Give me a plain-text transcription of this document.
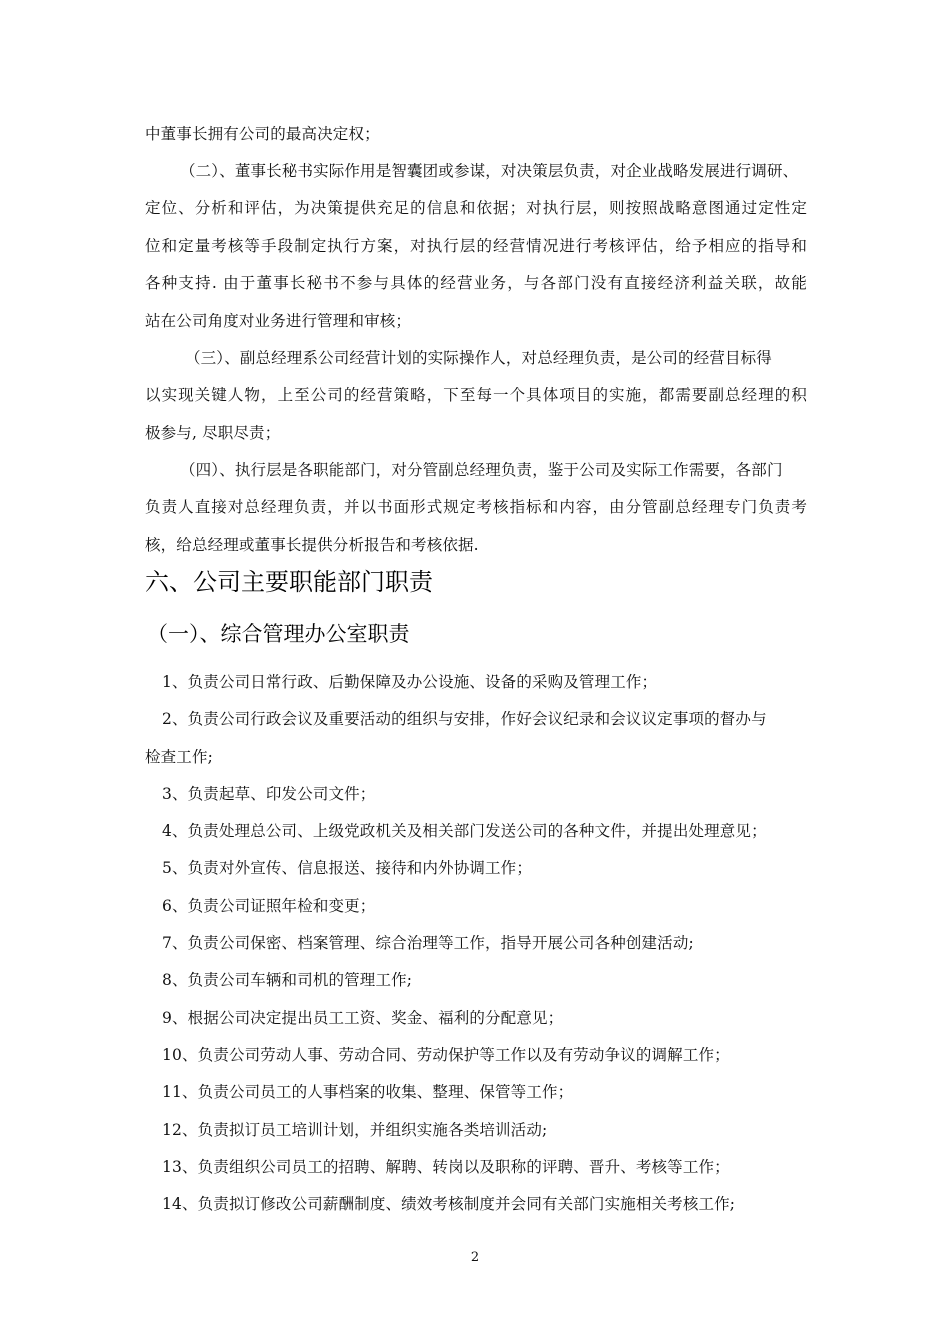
中董事长拥有公司的最高决定权；
（二）、董事长秘书实际作用是智囊团或参谋，对决策层负责，对企业战略发展进行调研、
定位、分析和评估，为决策提供充足的信息和依据；对执行层，则按照战略意图通过定性定
位和定量考核等手段制定执行方案，对执行层的经营情况进行考核评估，给予相应的指导和
各种支持. 由于董事长秘书不参与具体的经营业务，与各部门没有直接经济利益关联，故能
站在公司角度对业务进行管理和审核；
（三）、副总经理系公司经营计划的实际操作人，对总经理负责，是公司的经营目标得
以实现关键人物，上至公司的经营策略，下至每一个具体项目的实施，都需要副总经理的积
极参与, 尽职尽责；
（四）、执行层是各职能部门，对分管副总经理负责，鉴于公司及实际工作需要，各部门
负责人直接对总经理负责，并以书面形式规定考核指标和内容，由分管副总经理专门负责考
核，给总经理或董事长提供分析报告和考核依据.
六、公司主要职能部门职责
（一）、综合管理办公室职责
1、负责公司日常行政、后勤保障及办公设施、设备的采购及管理工作；
2、负责公司行政会议及重要活动的组织与安排，作好会议纪录和会议议定事项的督办与
检查工作;
3、负责起草、印发公司文件；
4、负责处理总公司、上级党政机关及相关部门发送公司的各种文件，并提出处理意见；
5、负责对外宣传、信息报送、接待和内外协调工作；
6、负责公司证照年检和变更；
7、负责公司保密、档案管理、综合治理等工作，指导开展公司各种创建活动;
8、负责公司车辆和司机的管理工作;
9、根据公司决定提出员工工资、奖金、福利的分配意见；
10、负责公司劳动人事、劳动合同、劳动保护等工作以及有劳动争议的调解工作；
11、负责公司员工的人事档案的收集、整理、保管等工作；
12、负责拟订员工培训计划，并组织实施各类培训活动;
13、负责组织公司员工的招聘、解聘、转岗以及职称的评聘、晋升、考核等工作；
14、负责拟订修改公司薪酬制度、绩效考核制度并会同有关部门实施相关考核工作;
2
